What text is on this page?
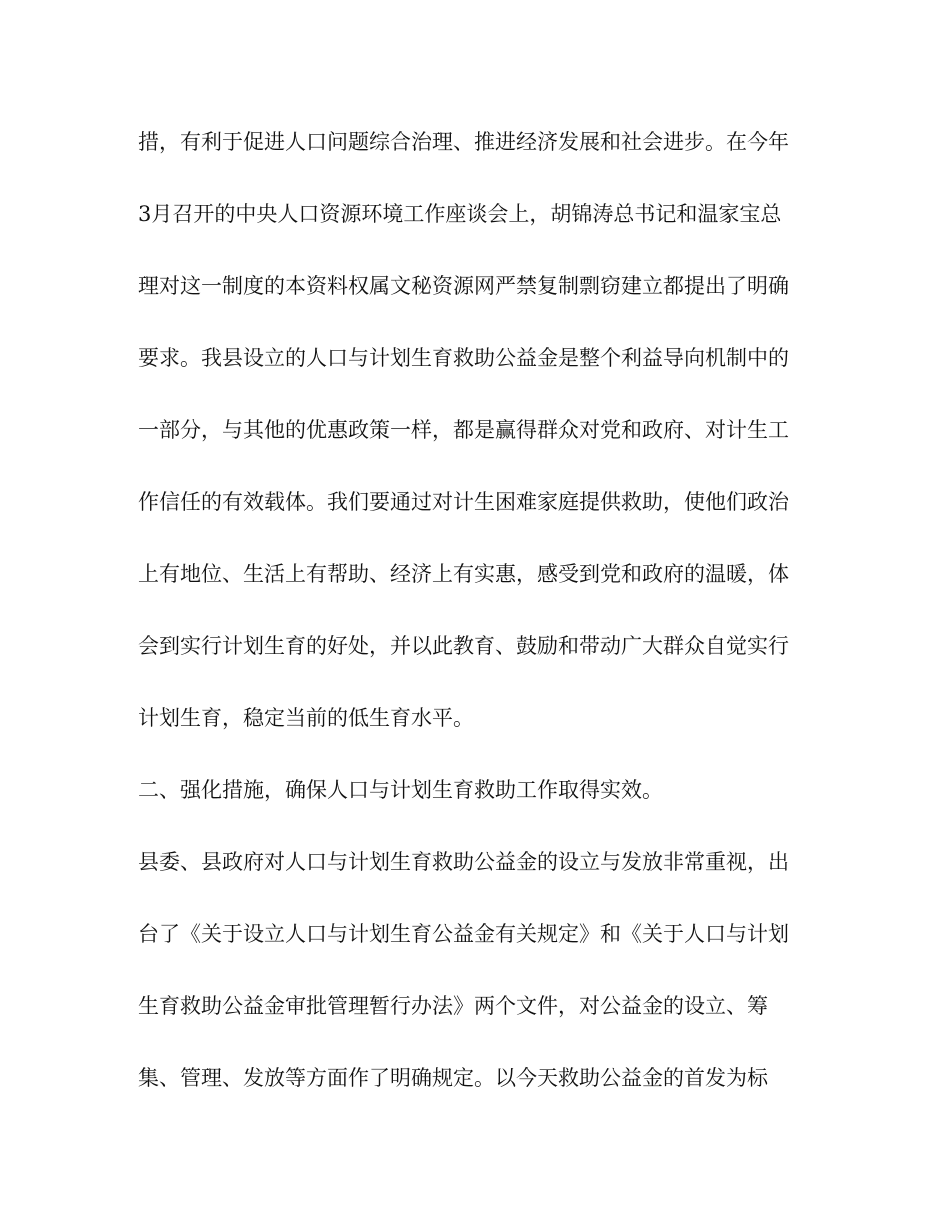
措，有利于促进人口问题综合治理、推进经济发展和社会进步。在今年
3月召开的中央人口资源环境工作座谈会上，胡锦涛总书记和温家宝总
理对这一制度的本资料权属文秘资源网严禁复制剽窃建立都提出了明确
要求。我县设立的人口与计划生育救助公益金是整个利益导向机制中的
一部分，与其他的优惠政策一样，都是赢得群众对党和政府、对计生工
作信任的有效载体。我们要通过对计生困难家庭提供救助，使他们政治
上有地位、生活上有帮助、经济上有实惠，感受到党和政府的温暖，体
会到实行计划生育的好处，并以此教育、鼓励和带动广大群众自觉实行
计划生育，稳定当前的低生育水平。
二、强化措施，确保人口与计划生育救助工作取得实效。
县委、县政府对人口与计划生育救助公益金的设立与发放非常重视，出
台了《关于设立人口与计划生育公益金有关规定》和《关于人口与计划
生育救助公益金审批管理暂行办法》两个文件，对公益金的设立、筹
集、管理、发放等方面作了明确规定。以今天救助公益金的首发为标
